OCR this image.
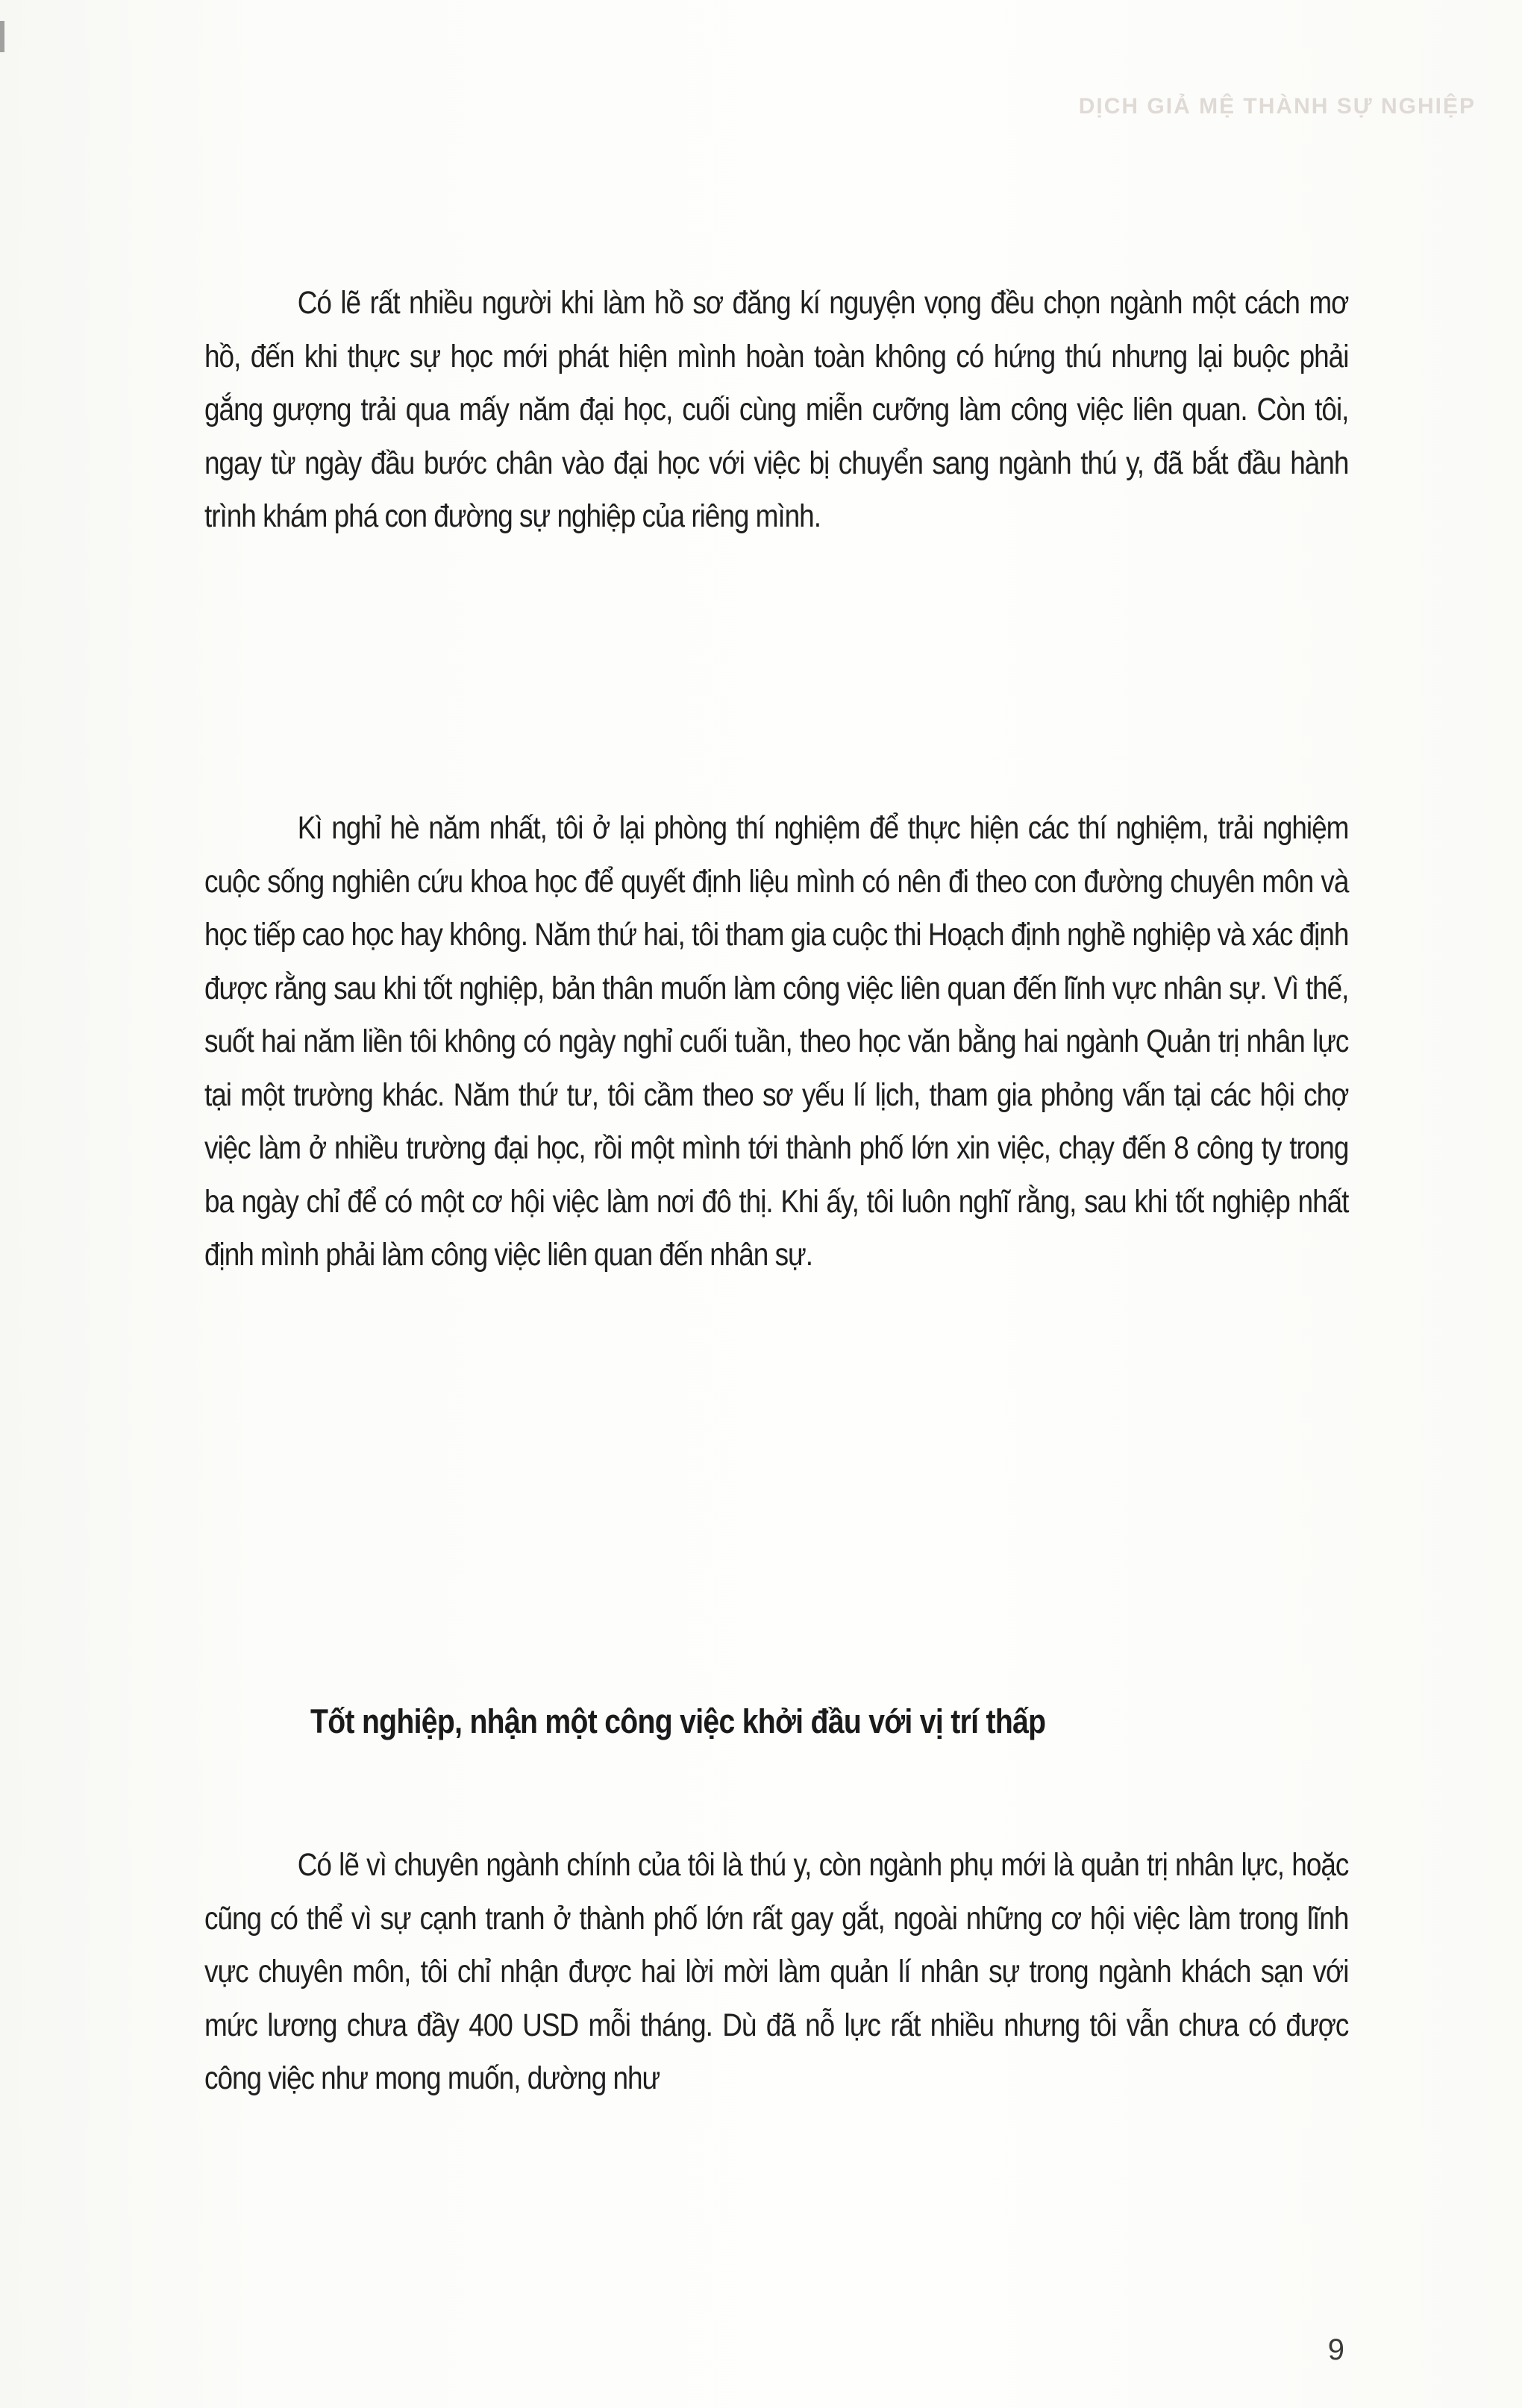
DỊCH GIẢ MỆ THÀNH SỰ NGHIỆP

Có lẽ rất nhiều người khi làm hồ sơ đăng kí nguyện vọng đều chọn ngành một cách mơ hồ, đến khi thực sự học mới phát hiện mình hoàn toàn không có hứng thú nhưng lại buộc phải gắng gượng trải qua mấy năm đại học, cuối cùng miễn cưỡng làm công việc liên quan. Còn tôi, ngay từ ngày đầu bước chân vào đại học với việc bị chuyển sang ngành thú y, đã bắt đầu hành trình khám phá con đường sự nghiệp của riêng mình.

Kì nghỉ hè năm nhất, tôi ở lại phòng thí nghiệm để thực hiện các thí nghiệm, trải nghiệm cuộc sống nghiên cứu khoa học để quyết định liệu mình có nên đi theo con đường chuyên môn và học tiếp cao học hay không. Năm thứ hai, tôi tham gia cuộc thi Hoạch định nghề nghiệp và xác định được rằng sau khi tốt nghiệp, bản thân muốn làm công việc liên quan đến lĩnh vực nhân sự. Vì thế, suốt hai năm liền tôi không có ngày nghỉ cuối tuần, theo học văn bằng hai ngành Quản trị nhân lực tại một trường khác. Năm thứ tư, tôi cầm theo sơ yếu lí lịch, tham gia phỏng vấn tại các hội chợ việc làm ở nhiều trường đại học, rồi một mình tới thành phố lớn xin việc, chạy đến 8 công ty trong ba ngày chỉ để có một cơ hội việc làm nơi đô thị. Khi ấy, tôi luôn nghĩ rằng, sau khi tốt nghiệp nhất định mình phải làm công việc liên quan đến nhân sự.

Tốt nghiệp, nhận một công việc khởi đầu với vị trí thấp

Có lẽ vì chuyên ngành chính của tôi là thú y, còn ngành phụ mới là quản trị nhân lực, hoặc cũng có thể vì sự cạnh tranh ở thành phố lớn rất gay gắt, ngoài những cơ hội việc làm trong lĩnh vực chuyên môn, tôi chỉ nhận được hai lời mời làm quản lí nhân sự trong ngành khách sạn với mức lương chưa đầy 400 USD mỗi tháng. Dù đã nỗ lực rất nhiều nhưng tôi vẫn chưa có được công việc như mong muốn, dường như

9
